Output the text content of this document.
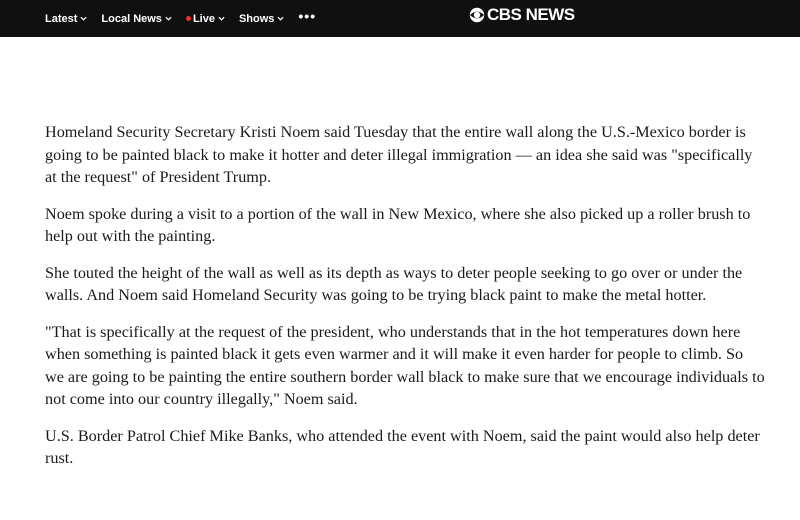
Latest Local News	Live Shows •••	CBS NEWS

Homeland Security Secretary Kristi Noem said Tuesday that the entire wall along the U.S.-Mexico border is going to be painted black to make it hotter and deter illegal immigration — an idea she said was "specifically at the request" of President Trump.

Noem spoke during a visit to a portion of the wall in New Mexico, where she also picked up a roller brush to help out with the painting.

She touted the height of the wall as well as its depth as ways to deter people seeking to go over or under the walls. And Noem said Homeland Security was going to be trying black paint to make the metal hotter.

"That is specifically at the request of the president, who understands that in the hot temperatures down here when something is painted black it gets even warmer and it will make it even harder for people to climb. So we are going to be painting the entire southern border wall black to make sure that we encourage individuals to not come into our country illegally," Noem said.

U.S. Border Patrol Chief Mike Banks, who attended the event with Noem, said the paint would also help deter rust.
